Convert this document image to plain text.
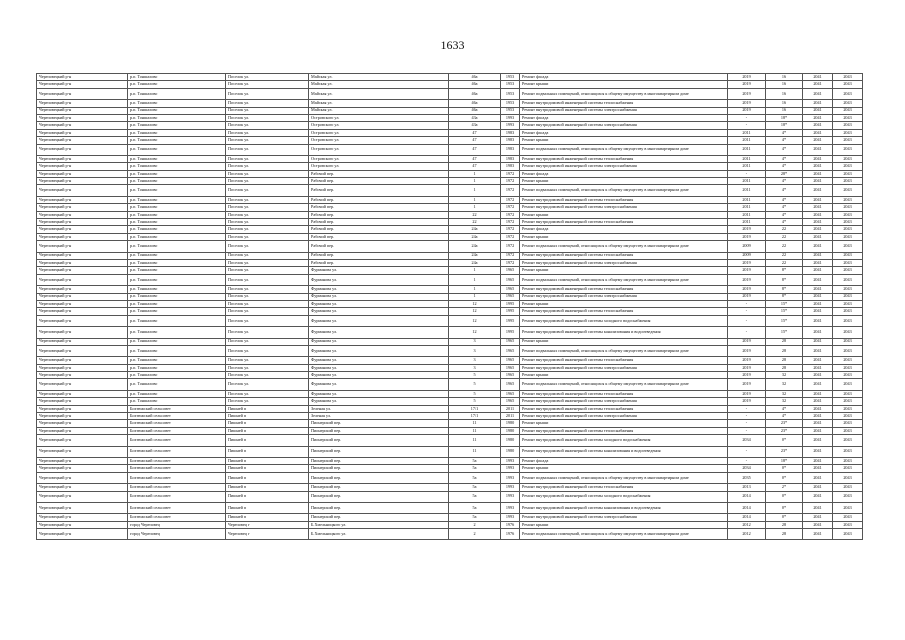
1633
Череповецкий р-н	р.п. Тоншалово	Поселок ул.	Майская ул.	46а	1953	Ремонт фасада	2019	16	2041	2043
Череповецкий р-н	р.п. Тоншалово	Поселок ул.	Майская ул.	46а	1953	Ремонт крыши	2019	16	2041	2043
Череповецкий р-н	р.п. Тоншалово	Поселок ул.	Майская ул.	46а	1953	Ремонт подвальных помещений, относящихся к общему имуществу в многоквартирном доме	2019	16	2041	2043
Череповецкий р-н	р.п. Тоншалово	Поселок ул.	Майская ул.	46а	1953	Ремонт внутридомовой инженерной системы теплоснабжения	2019	16	2041	2043
Череповецкий р-н	р.п. Тоншалово	Поселок ул.	Майская ул.	46а	1953	Ремонт внутридомовой инженерной системы электроснабжения	2019	16	2041	2043
Череповецкий р-н	р.п. Тоншалово	Поселок ул.	Островского ул.	43а	1993	Ремонт фасада	-	18*	2041	2043
Череповецкий р-н	р.п. Тоншалово	Поселок ул.	Островского ул.	43а	1993	Ремонт внутридомовой инженерной системы электроснабжения	-	18*	2041	2043
Череповецкий р-н	р.п. Тоншалово	Поселок ул.	Островского ул.	47	1983	Ремонт фасада	2011	4*	2041	2043
Череповецкий р-н	р.п. Тоншалово	Поселок ул.	Островского ул.	47	1983	Ремонт крыши	2011	4*	2041	2043
Череповецкий р-н	р.п. Тоншалово	Поселок ул.	Островского ул.	47	1983	Ремонт подвальных помещений, относящихся к общему имуществу в многоквартирном доме	2011	4*	2041	2043
Череповецкий р-н	р.п. Тоншалово	Поселок ул.	Островского ул.	47	1983	Ремонт внутридомовой инженерной системы теплоснабжения	2011	4*	2041	2043
Череповецкий р-н	р.п. Тоншалово	Поселок ул.	Островского ул.	47	1983	Ремонт внутридомовой инженерной системы электроснабжения	2011	4*	2041	2043
Череповецкий р-н	р.п. Тоншалово	Поселок ул.	Рабочий пер.	1	1972	Ремонт фасада	-	28*	2041	2043
Череповецкий р-н	р.п. Тоншалово	Поселок ул.	Рабочий пер.	1	1972	Ремонт крыши	2011	4*	2041	2043
Череповецкий р-н	р.п. Тоншалово	Поселок ул.	Рабочий пер.	1	1972	Ремонт подвальных помещений, относящихся к общему имуществу в многоквартирном доме	2011	4*	2041	2043
Череповецкий р-н	р.п. Тоншалово	Поселок ул.	Рабочий пер.	1	1972	Ремонт внутридомовой инженерной системы теплоснабжения	2011	4*	2041	2043
Череповецкий р-н	р.п. Тоншалово	Поселок ул.	Рабочий пер.	1	1972	Ремонт внутридомовой инженерной системы электроснабжения	2011	4*	2041	2043
Череповецкий р-н	р.п. Тоншалово	Поселок ул.	Рабочий пер.	22	1972	Ремонт крыши	2011	4*	2041	2043
Череповецкий р-н	р.п. Тоншалово	Поселок ул.	Рабочий пер.	22	1972	Ремонт внутридомовой инженерной системы теплоснабжения	2011	4*	2041	2043
Череповецкий р-н	р.п. Тоншалово	Поселок ул.	Рабочий пер.	24а	1972	Ремонт фасада	2019	22	2041	2043
Череповецкий р-н	р.п. Тоншалово	Поселок ул.	Рабочий пер.	24а	1972	Ремонт крыши	2019	22	2041	2043
Череповецкий р-н	р.п. Тоншалово	Поселок ул.	Рабочий пер.	24а	1972	Ремонт подвальных помещений, относящихся к общему имуществу в многоквартирном доме	2009	22	2041	2043
Череповецкий р-н	р.п. Тоншалово	Поселок ул.	Рабочий пер.	24а	1972	Ремонт внутридомовой инженерной системы теплоснабжения	2009	22	2041	2043
Череповецкий р-н	р.п. Тоншалово	Поселок ул.	Рабочий пер.	24а	1972	Ремонт внутридомовой инженерной системы электроснабжения	2019	22	2041	2043
Череповецкий р-н	р.п. Тоншалово	Поселок ул.	Фурманова ул.	1	1965	Ремонт крыши	2019	8*	2041	2043
Череповецкий р-н	р.п. Тоншалово	Поселок ул.	Фурманова ул.	1	1965	Ремонт подвальных помещений, относящихся к общему имуществу в многоквартирном доме	2019	8*	2041	2043
Череповецкий р-н	р.п. Тоншалово	Поселок ул.	Фурманова ул.	1	1965	Ремонт внутридомовой инженерной системы теплоснабжения	2019	8*	2041	2043
Череповецкий р-н	р.п. Тоншалово	Поселок ул.	Фурманова ул.	1	1965	Ремонт внутридомовой инженерной системы электроснабжения	2019	8*	2041	2043
Череповецкий р-н	р.п. Тоншалово	Поселок ул.	Фурманова ул.	12	1995	Ремонт крыши	-	15*	2041	2043
Череповецкий р-н	р.п. Тоншалово	Поселок ул.	Фурманова ул.	12	1995	Ремонт внутридомовой инженерной системы теплоснабжения	-	15*	2041	2043
Череповецкий р-н	р.п. Тоншалово	Поселок ул.	Фурманова ул.	12	1995	Ремонт внутридомовой инженерной системы холодного водоснабжения	-	15*	2041	2043
Череповецкий р-н	р.п. Тоншалово	Поселок ул.	Фурманова ул.	12	1995	Ремонт внутридомовой инженерной системы канализования и водоотведения	-	15*	2041	2043
Череповецкий р-н	р.п. Тоншалово	Поселок ул.	Фурманова ул.	3	1965	Ремонт крыши	2019	28	2041	2043
Череповецкий р-н	р.п. Тоншалово	Поселок ул.	Фурманова ул.	3	1965	Ремонт подвальных помещений, относящихся к общему имуществу в многоквартирном доме	2019	28	2041	2043
Череповецкий р-н	р.п. Тоншалово	Поселок ул.	Фурманова ул.	3	1965	Ремонт внутридомовой инженерной системы теплоснабжения	2019	28	2041	2043
Череповецкий р-н	р.п. Тоншалово	Поселок ул.	Фурманова ул.	3	1965	Ремонт внутридомовой инженерной системы электроснабжения	2019	28	2041	2043
Череповецкий р-н	р.п. Тоншалово	Поселок ул.	Фурманова ул.	5	1965	Ремонт крыши	2019	32	2041	2043
Череповецкий р-н	р.п. Тоншалово	Поселок ул.	Фурманова ул.	5	1965	Ремонт подвальных помещений, относящихся к общему имуществу в многоквартирном доме	2019	32	2041	2043
Череповецкий р-н	р.п. Тоншалово	Поселок ул.	Фурманова ул.	5	1965	Ремонт внутридомовой инженерной системы теплоснабжения	2019	32	2041	2043
Череповецкий р-н	р.п. Тоншалово	Поселок ул.	Фурманова ул.	5	1965	Ремонт внутридомовой инженерной системы электроснабжения	2019	32	2041	2043
Череповецкий р-н	Бохтюжский сельсовет	Пишней п	Зеленая ул.	17/1	2011	Ремонт внутридомовой инженерной системы теплоснабжения	-	4*	2041	2043
Череповецкий р-н	Бохтюжский сельсовет	Пишней п	Зеленая ул.	17/1	2011	Ремонт внутридомовой инженерной системы электроснабжения	-	4*	2041	2043
Череповецкий р-н	Бохтюжский сельсовет	Пишней п	Пионерский пер.	11	1980	Ремонт крыши	-	23*	2041	2043
Череповецкий р-н	Бохтюжский сельсовет	Пишней п	Пионерский пер.	11	1980	Ремонт внутридомовой инженерной системы теплоснабжения	-	23*	2041	2043
Череповецкий р-н	Бохтюжский сельсовет	Пишней п	Пионерский пер.	11	1980	Ремонт внутридомовой инженерной системы холодного водоснабжения	2034	0*	2041	2043
Череповецкий р-н	Бохтюжский сельсовет	Пишней п	Пионерский пер.	11	1980	Ремонт внутридомовой инженерной системы канализования и водоотведения	-	23*	2041	2043
Череповецкий р-н	Бохтюжский сельсовет	Пишней п	Пионерский пер.	5а	1993	Ремонт фасада	-	18*	2041	2043
Череповецкий р-н	Бохтюжский сельсовет	Пишней п	Пионерский пер.	5а	1993	Ремонт крыши	2034	0*	2041	2043
Череповецкий р-н	Бохтюжский сельсовет	Пишней п	Пионерский пер.	5а	1993	Ремонт подвальных помещений, относящихся к общему имуществу в многоквартирном доме	2035	0*	2041	2043
Череповецкий р-н	Бохтюжский сельсовет	Пишней п	Пионерский пер.	5а	1993	Ремонт внутридомовой инженерной системы теплоснабжения	2013	2*	2041	2043
Череповецкий р-н	Бохтюжский сельсовет	Пишней п	Пионерский пер.	5а	1993	Ремонт внутридомовой инженерной системы холодного водоснабжения	2014	0*	2041	2043
Череповецкий р-н	Бохтюжский сельсовет	Пишней п	Пионерский пер.	5а	1993	Ремонт внутридомовой инженерной системы канализования и водоотведения	2014	0*	2041	2043
Череповецкий р-н	Бохтюжский сельсовет	Пишней п	Пионерский пер.	5а	1993	Ремонт внутридомовой инженерной системы электроснабжения	2014	0*	2041	2043
Череповецкий р-н	город Череповец	Череповец г	Б.Хмельницкого ул.	2	1976	Ремонт крыши	2012	28	2041	2043
Череповецкий р-н	город Череповец	Череповец г	Б.Хмельницкого ул.	2	1976	Ремонт подвальных помещений, относящихся к общему имуществу в многоквартирном доме	2012	28	2041	2043
